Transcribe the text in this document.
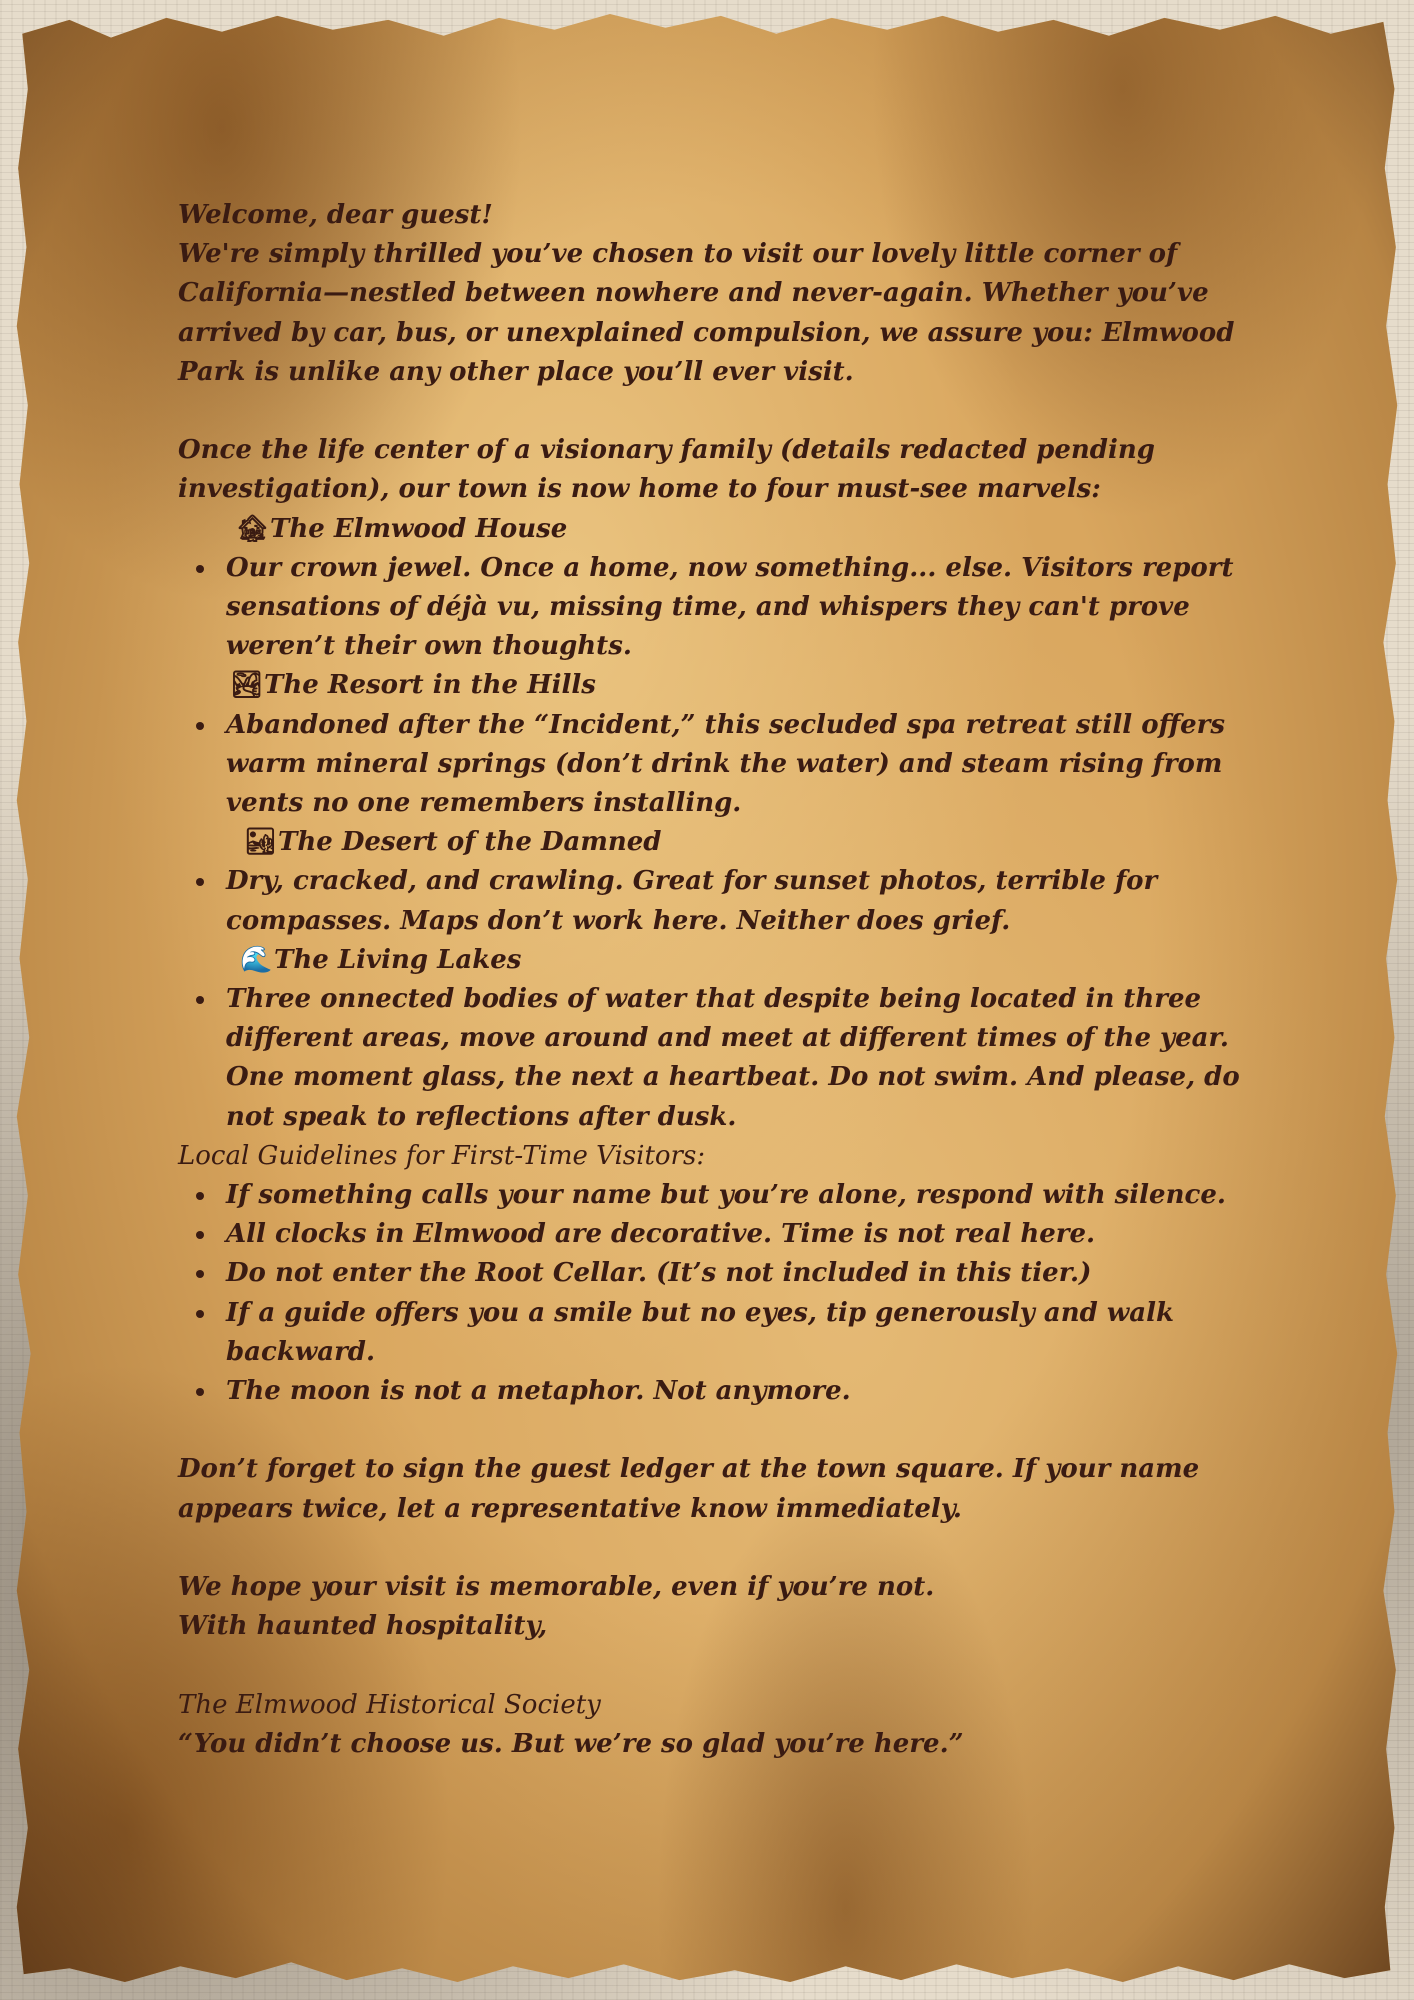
Welcome, dear guest!

We're simply thrilled you’ve chosen to visit our lovely little corner of California—nestled between nowhere and never-again. Whether you’ve arrived by car, bus, or unexplained compulsion, we assure you: Elmwood Park is unlike any other place you’ll ever visit.

Once the life center of a visionary family (details redacted pending investigation), our town is now home to four must-see marvels:

🏚The Elmwood House

Our crown jewel. Once a home, now something... else. Visitors report sensations of déjà vu, missing time, and whispers they can't prove weren’t their own thoughts.

🏞The Resort in the Hills

Abandoned after the “Incident,” this secluded spa retreat still offers warm mineral springs (don’t drink the water) and steam rising from vents no one remembers installing.

🏜The Desert of the Damned

Dry, cracked, and crawling. Great for sunset photos, terrible for compasses. Maps don’t work here. Neither does grief.

🌊The Living Lakes

Three onnected bodies of water that despite being located in three different areas, move around and meet at different times of the year. One moment glass, the next a heartbeat. Do not swim. And please, do not speak to reflections after dusk.

Local Guidelines for First-Time Visitors:

If something calls your name but you’re alone, respond with silence.
All clocks in Elmwood are decorative. Time is not real here.
Do not enter the Root Cellar. (It’s not included in this tier.)
If a guide offers you a smile but no eyes, tip generously and walk backward.
The moon is not a metaphor. Not anymore.

Don’t forget to sign the guest ledger at the town square. If your name appears twice, let a representative know immediately.

We hope your visit is memorable, even if you’re not.

With haunted hospitality,

The Elmwood Historical Society

“You didn’t choose us. But we’re so glad you’re here.”
